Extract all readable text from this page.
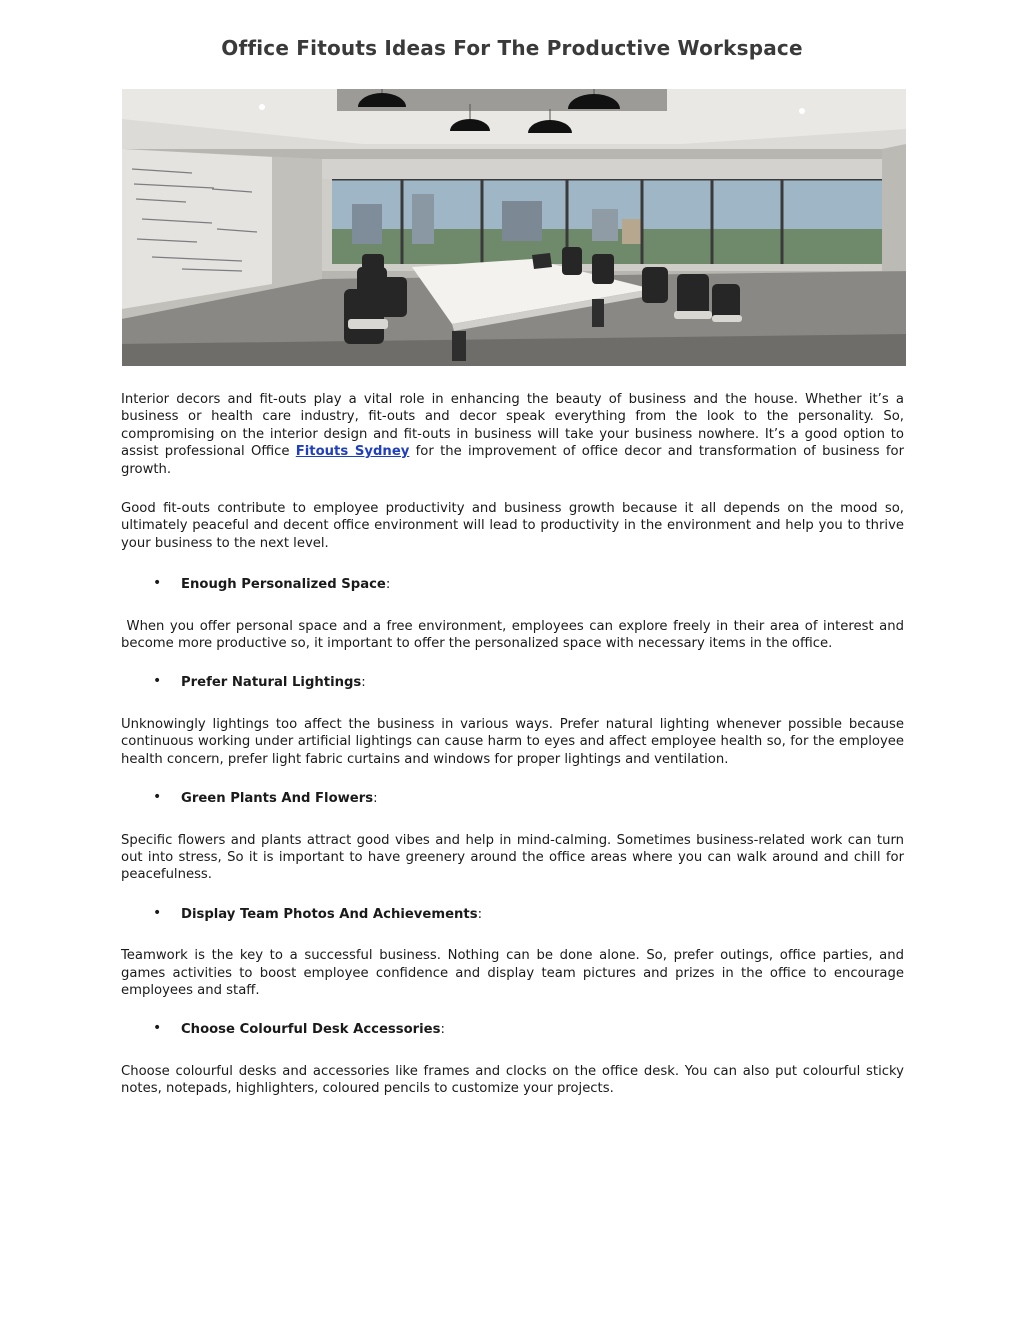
Office Fitouts Ideas For The Productive Workspace

Interior decors and fit-outs play a vital role in enhancing the beauty of business and the house. Whether it’s a business or health care industry, fit-outs and decor speak everything from the look to the personality. So, compromising on the interior design and fit-outs in business will take your business nowhere. It’s a good option to assist professional Office Fitouts Sydney for the improvement of office decor and transformation of business for growth.

Good fit-outs contribute to employee productivity and business growth because it all depends on the mood so, ultimately peaceful and decent office environment will lead to productivity in the environment and help you to thrive your business to the next level.

• Enough Personalized Space:

When you offer personal space and a free environment, employees can explore freely in their area of interest and become more productive so, it important to offer the personalized space with necessary items in the office.

• Prefer Natural Lightings:

Unknowingly lightings too affect the business in various ways. Prefer natural lighting whenever possible because continuous working under artificial lightings can cause harm to eyes and affect employee health so, for the employee health concern, prefer light fabric curtains and windows for proper lightings and ventilation.

• Green Plants And Flowers:

Specific flowers and plants attract good vibes and help in mind-calming. Sometimes business-related work can turn out into stress, So it is important to have greenery around the office areas where you can walk around and chill for peacefulness.

• Display Team Photos And Achievements:

Teamwork is the key to a successful business. Nothing can be done alone. So, prefer outings, office parties, and games activities to boost employee confidence and display team pictures and prizes in the office to encourage employees and staff.

• Choose Colourful Desk Accessories:

Choose colourful desks and accessories like frames and clocks on the office desk. You can also put colourful sticky notes, notepads, highlighters, coloured pencils to customize your projects.
